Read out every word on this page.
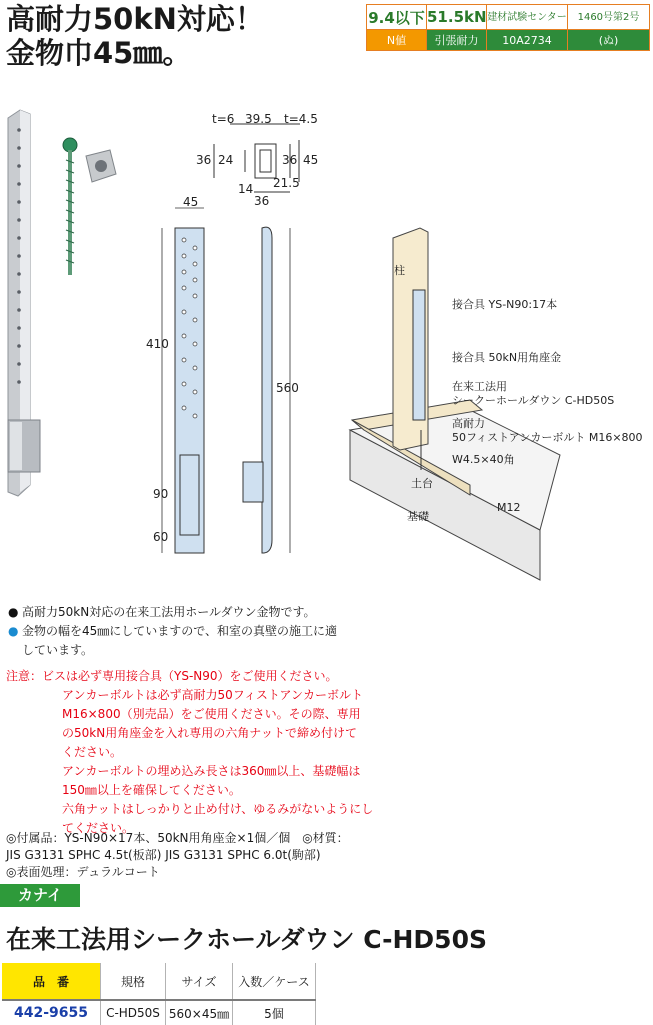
高耐力50kN対応！
金物巾45㎜。
9.4以下	51.5kN	建材試験センター	1460号第2号
N値	引張耐力	10A2734	(ぬ)
t=6 39.5 t=4.5
36 24	36 45
14 21.5
36
45
410
90
60
560
柱
接合具 YS-N90:17本
接合具 50kN用角座金
在来工法用
シークーホールダウン C-HD50S
高耐力
50フィストアンカーボルト M16×800
W4.5×40角
土台
基礎
M12
● 高耐力50kN対応の在来工法用ホールダウン金物です。
● 金物の幅を45㎜にしていますので、和室の真壁の施工に適
しています。
注意：ビスは必ず専用接合具（YS-N90）をご使用ください。
アンカーボルトは必ず高耐力50フィストアンカーボルト
M16×800（別売品）をご使用ください。その際、専用
の50kN用角座金を入れ専用の六角ナットで締め付けて
ください。
アンカーボルトの埋め込み長さは360㎜以上、基礎幅は
150㎜以上を確保してください。
六角ナットはしっかりと止め付け、ゆるみがないようにし
てください。
◎付属品：YS-N90×17本、50kN用角座金×1個／個　◎材質：
JIS G3131 SPHC 4.5t(板部) JIS G3131 SPHC 6.0t(駒部)
◎表面処理：デュラルコート
カナイ
在来工法用シークホールダウン C-HD50S
品　番	規格	サイズ	入数／ケース
442-9655	C-HD50S	560×45㎜	5個
